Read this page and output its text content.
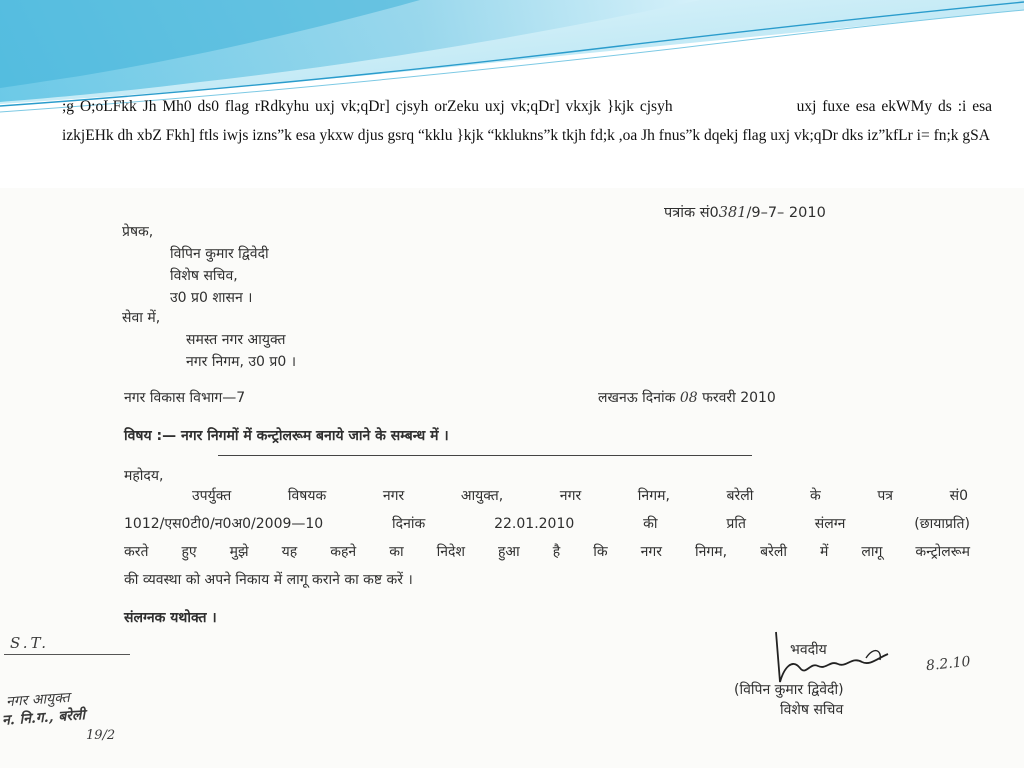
;g O;oLFkk Jh Mh0 ds0 flag rRdkyhu uxj vk;qDr] cjsyh orZeku uxj vk;qDr] vkxjk }kjk cjsyh	uxj fuxe esa ekWMy ds :i esa izkjEHk dh xbZ Fkh] ftls iwjs izns”k esa ykxw djus gsrq “kklu }kjk “kklukns”k tkjh fd;k ,oa Jh fnus”k dqekj flag uxj vk;qDr dks iz”kfLr i= fn;k gSA

पत्रांक सं0381/9–7– 2010
प्रेषक,
विपिन कुमार द्विवेदी
विशेष सचिव,
उ0 प्र0 शासन ।
सेवा में,
समस्त नगर आयुक्त
नगर निगम, उ0 प्र0 ।
नगर विकास विभाग—7	लखनऊ दिनांक 08 फरवरी 2010
विषय :— नगर निगमों में कन्ट्रोलरूम बनाये जाने के सम्बन्ध में ।
महोदय,
उपर्युक्त विषयक नगर आयुक्त, नगर निगम, बरेली के पत्र सं0
1012/एस0टी0/न0अ0/2009—10 दिनांक 22.01.2010 की प्रति संलग्न (छायाप्रति)
करते हुए मुझे यह कहने का निदेश हुआ है कि नगर निगम, बरेली में लागू कन्ट्रोलरूम
की व्यवस्था को अपने निकाय में लागू कराने का कष्ट करें ।
संलग्नक यथोक्त ।
S.T.
नगर आयुक्त
न. नि.ग., बरेली
19/2
भवदीय
8.2.10
(विपिन कुमार द्विवेदी)
विशेष सचिव
